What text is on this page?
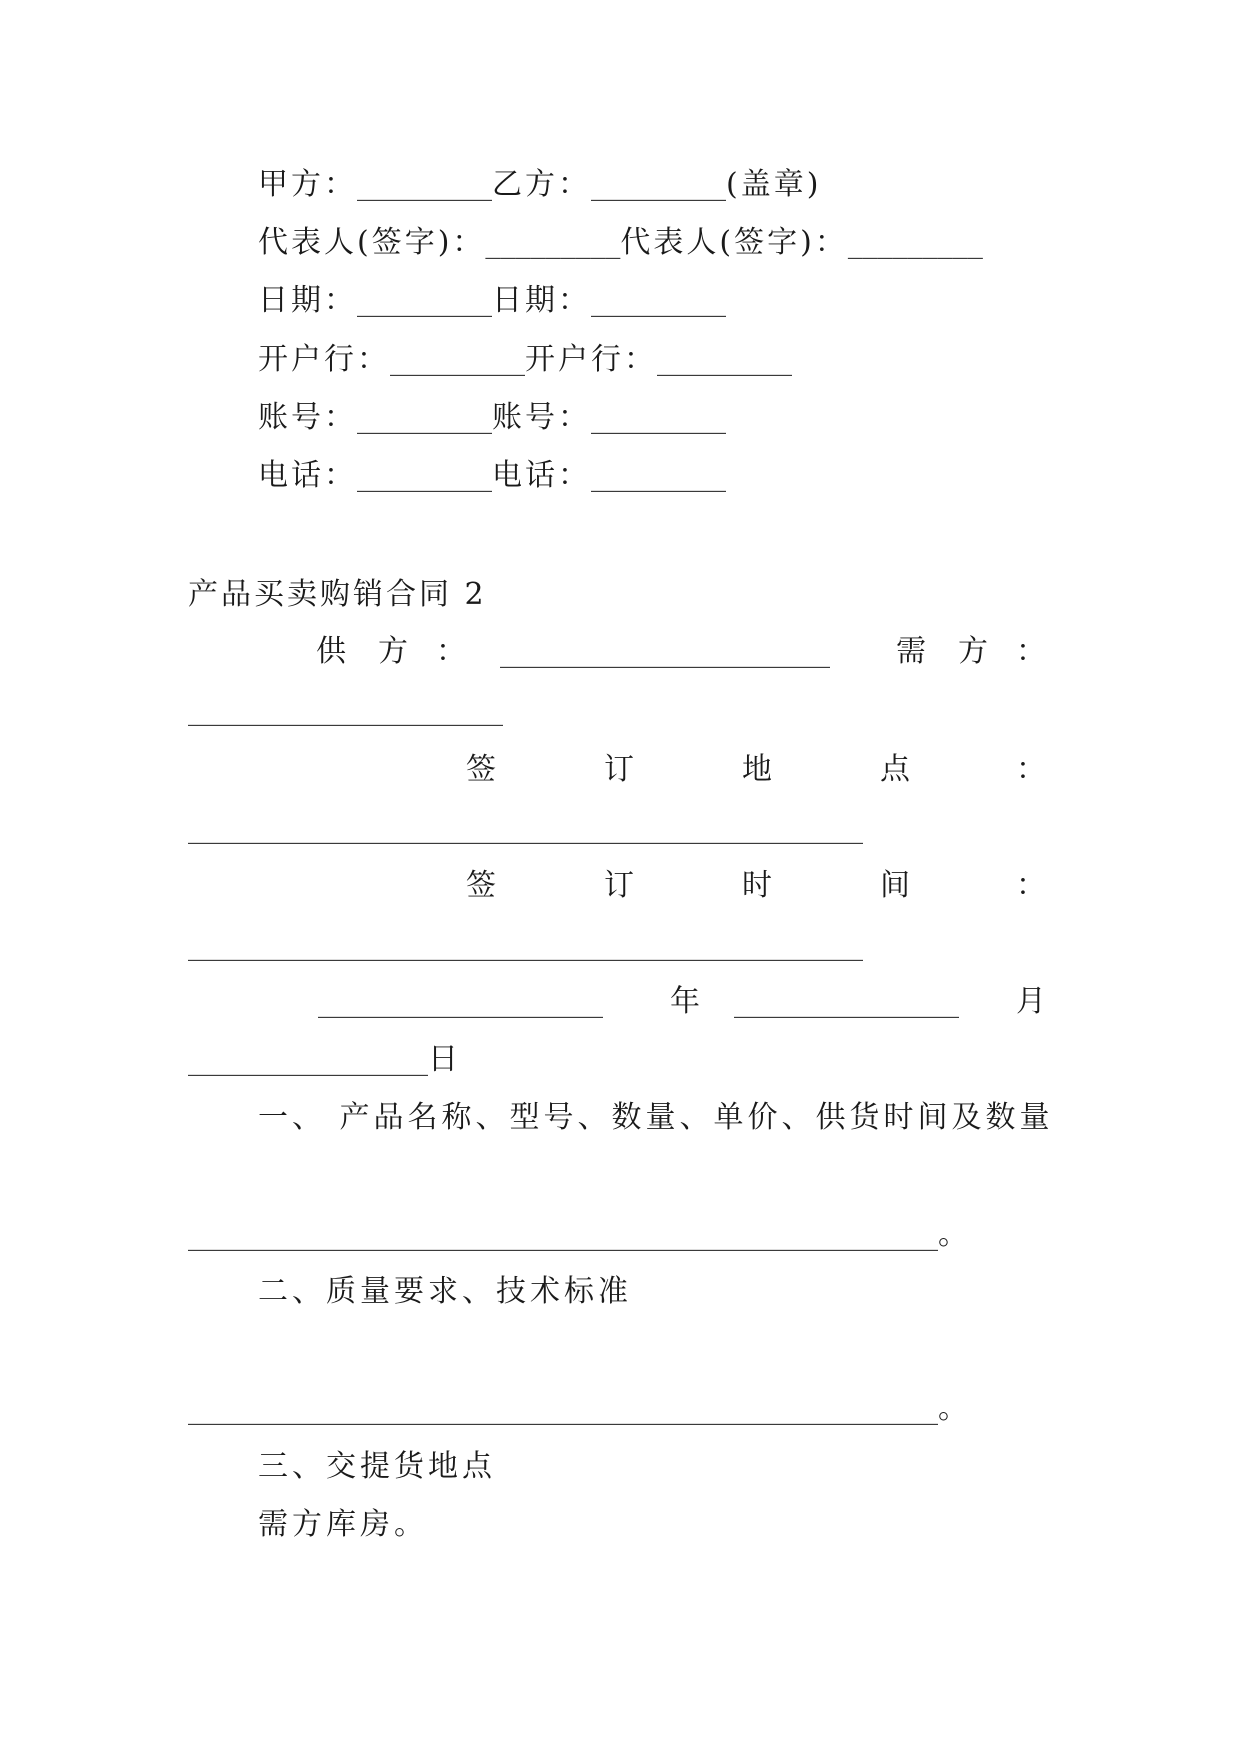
甲方：_________乙方：_________(盖章)
代表人(签字)：_________代表人(签字)：_________
日期：_________日期：_________
开户行：_________开户行：_________
账号：_________账号：_________
电话：_________电话：_________
产品买卖购销合同 2
供 方 ： ______________________ 需 方 ：
_____________________
签	订	地	点	：
_____________________________________________
签	订	时	间	：
_____________________________________________
___________________ 年 _______________ 月
________________日
一、 产品名称、型号、数量、单价、供货时间及数量
__________________________________________________。
二、质量要求、技术标准
__________________________________________________。
三、交提货地点
需方库房。
